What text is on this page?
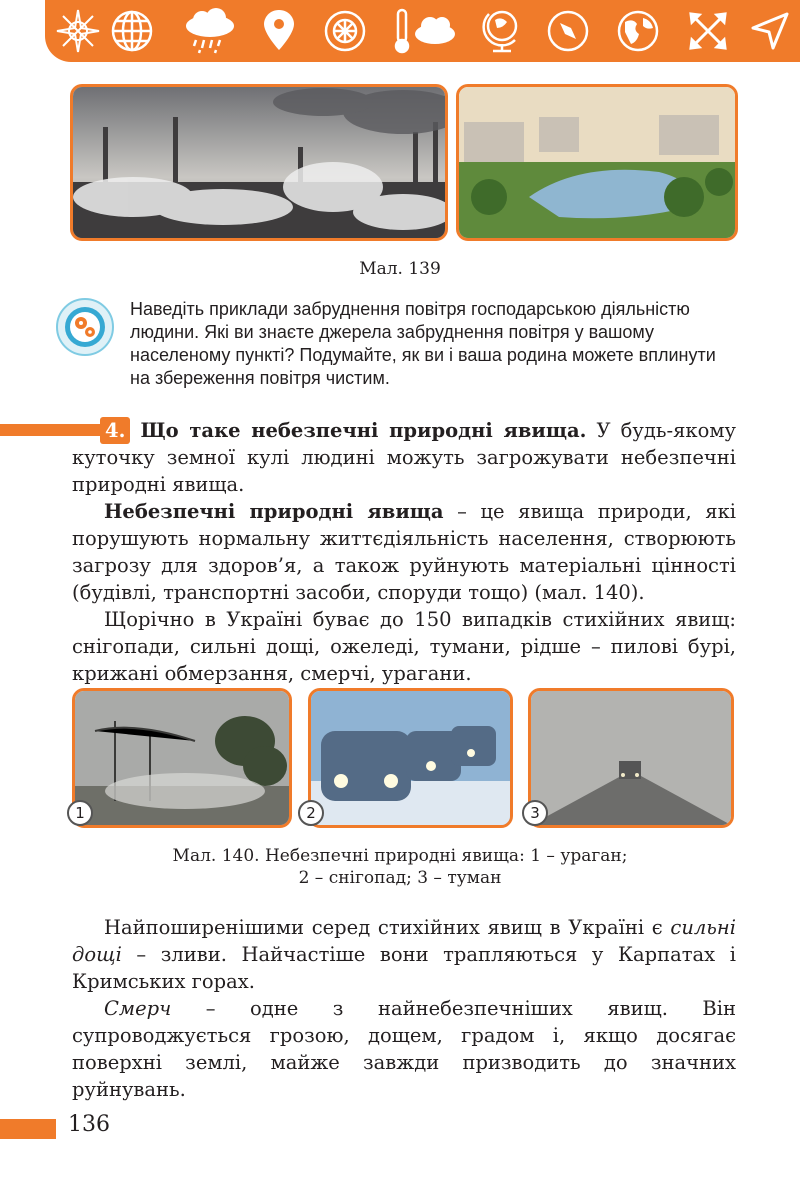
Мал. 139
Наведіть приклади забруднення повітря господарською діяльністю людини. Які ви знаєте джерела забруднення повітря у вашому населеному пункті? Подумайте, як ви і ваша родина можете вплинути на збереження повітря чистим.
4. Що таке небезпечні природні явища. У будь-якому куточку земної кулі людині можуть загрожувати небезпечні природні явища.
Небезпечні природні явища – це явища природи, які порушують нормальну життєдіяльність населення, створюють загрозу для здоров’я, а також руйнують матеріальні цінності (будівлі, транспортні засоби, споруди тощо) (мал. 140).
Щорічно в Україні буває до 150 випадків стихійних явищ: снігопади, сильні дощі, ожеледі, тумани, рідше – пилові бурі, крижані обмерзання, смерчі, урагани.
1	2	3
Мал. 140. Небезпечні природні явища: 1 – ураган;
2 – снігопад; 3 – туман
Найпоширенішими серед стихійних явищ в Україні є сильні дощі – зливи. Найчастіше вони трапляються у Карпатах і Кримських горах.
Смерч – одне з найнебезпечніших явищ. Він супроводжується грозою, дощем, градом і, якщо досягає поверхні землі, майже завжди призводить до значних руйнувань.
136
